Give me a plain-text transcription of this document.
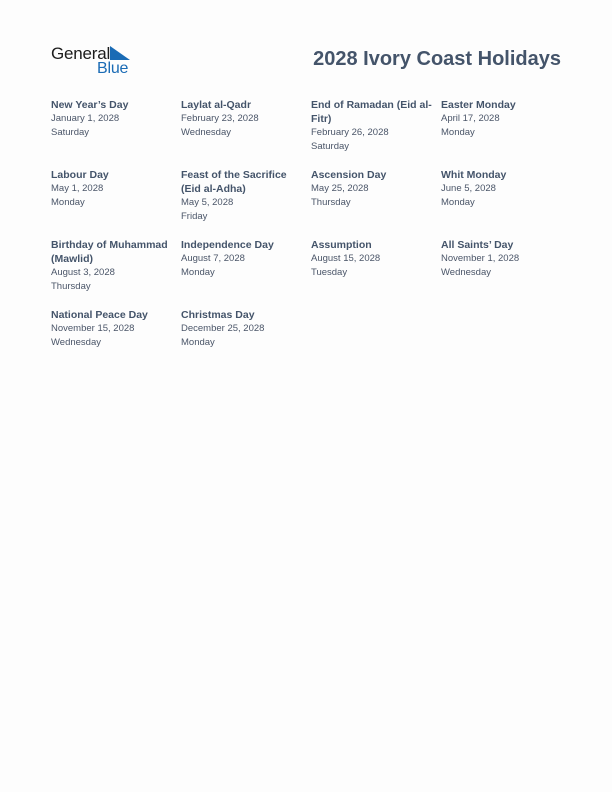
General
Blue	2028 Ivory Coast Holidays
New Year’s Day
January 1, 2028
Saturday
Laylat al-Qadr
February 23, 2028
Wednesday
End of Ramadan (Eid al-Fitr)
February 26, 2028
Saturday
Easter Monday
April 17, 2028
Monday
Labour Day
May 1, 2028
Monday
Feast of the Sacrifice (Eid al-Adha)
May 5, 2028
Friday
Ascension Day
May 25, 2028
Thursday
Whit Monday
June 5, 2028
Monday
Birthday of Muhammad (Mawlid)
August 3, 2028
Thursday
Independence Day
August 7, 2028
Monday
Assumption
August 15, 2028
Tuesday
All Saints’ Day
November 1, 2028
Wednesday
National Peace Day
November 15, 2028
Wednesday
Christmas Day
December 25, 2028
Monday
